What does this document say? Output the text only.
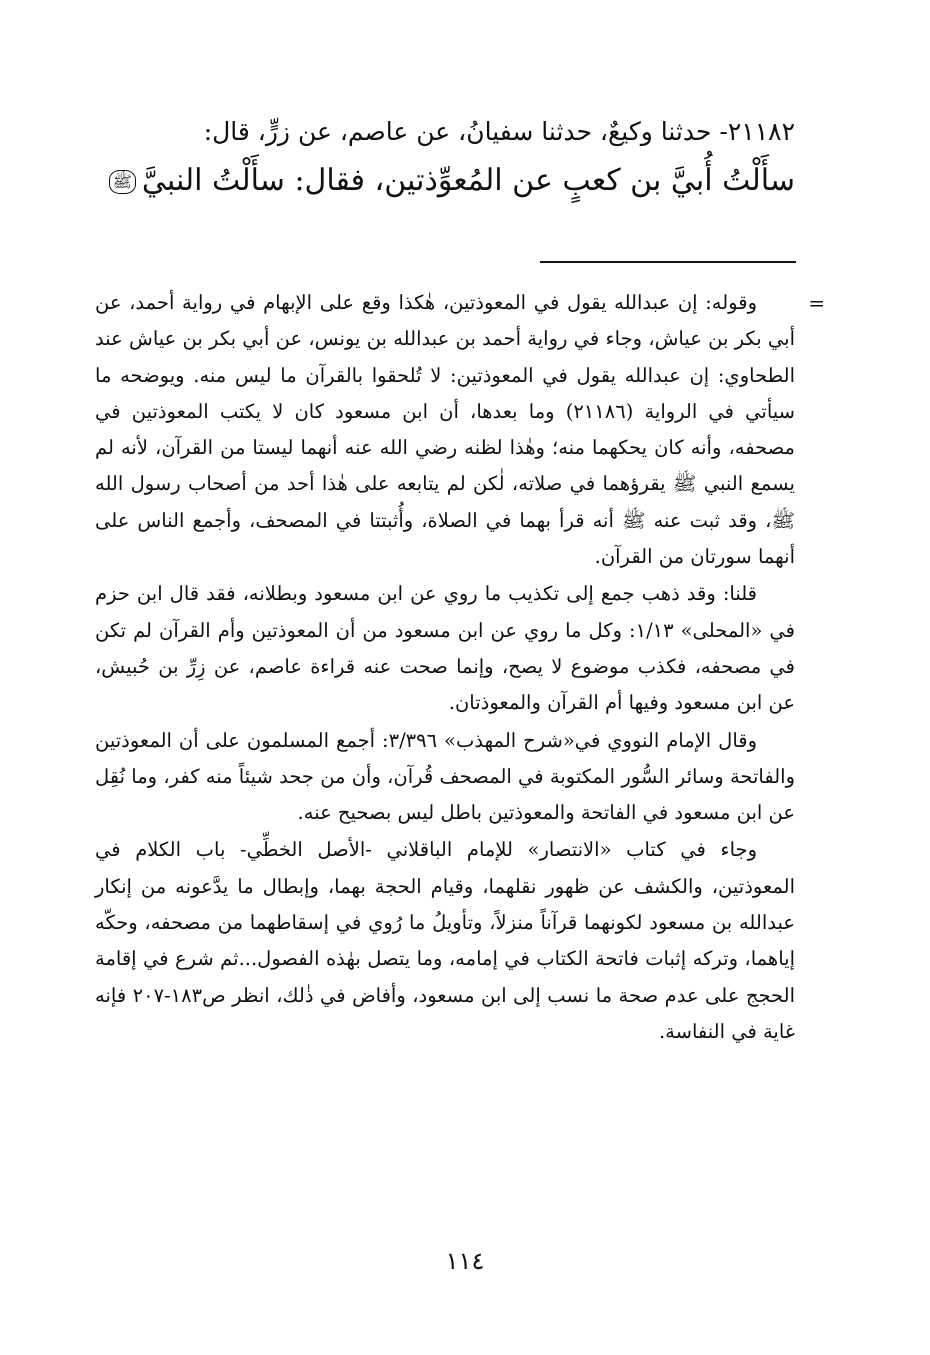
٢١١٨٢- حدثنا وكيعٌ، حدثنا سفيانُ، عن عاصم، عن زرٍّ، قال:
سأَلْتُ أُبيَّ بن كعبٍ عن المُعوِّذتين، فقال: سأَلْتُ النبيَّﷺ
=

وقوله: إن عبدالله يقول في المعوذتين، هٰكذا وقع على الإبهام في رواية أحمد، عن أبي بكر بن عياش، وجاء في رواية أحمد بن عبدالله بن يونس، عن أبي بكر بن عياش عند الطحاوي: إن عبدالله يقول في المعوذتين: لا تُلحقوا بالقرآن ما ليس منه. ويوضحه ما سيأتي في الرواية (٢١١٨٦) وما بعدها، أن ابن مسعود كان لا يكتب المعوذتين في مصحفه، وأنه كان يحكهما منه؛ وهٰذا لظنه رضي الله عنه أنهما ليستا من القرآن، لأنه لم يسمع النبي ﷺ يقرؤهما في صلاته، لٰكن لم يتابعه على هٰذا أحد من أصحاب رسول الله ﷺ، وقد ثبت عنه ﷺ أنه قرأ بهما في الصلاة، وأُثبتتا في المصحف، وأجمع الناس على أنهما سورتان من القرآن.

قلنا: وقد ذهب جمع إلى تكذيب ما روي عن ابن مسعود وبطلانه، فقد قال ابن حزم في «المحلى» ١/١٣: وكل ما روي عن ابن مسعود من أن المعوذتين وأم القرآن لم تكن في مصحفه، فكذب موضوع لا يصح، وإنما صحت عنه قراءة عاصم، عن زِرِّ بن حُبيش، عن ابن مسعود وفيها أم القرآن والمعوذتان.

وقال الإمام النووي في«شرح المهذب» ٣/٣٩٦: أجمع المسلمون على أن المعوذتين والفاتحة وسائر السُّور المكتوبة في المصحف قُرآن، وأن من جحد شيئاً منه كفر، وما نُقِل عن ابن مسعود في الفاتحة والمعوذتين باطل ليس بصحيح عنه.

وجاء في كتاب «الانتصار» للإمام الباقلاني -الأصل الخطِّي- باب الكلام في المعوذتين، والكشف عن ظهور نقلهما، وقيام الحجة بهما، وإبطال ما يدَّعونه من إنكار عبدالله بن مسعود لكونهما قرآناً منزلاً، وتأويلُ ما رُوي في إسقاطهما من مصحفه، وحكّه إياهما، وتركه إثبات فاتحة الكتاب في إمامه، وما يتصل بهٰذه الفصول...ثم شرع في إقامة الحجج على عدم صحة ما نسب إلى ابن مسعود، وأفاض في ذٰلك، انظر ص١٨٣-٢٠٧ فإنه غاية في النفاسة.

١١٤
